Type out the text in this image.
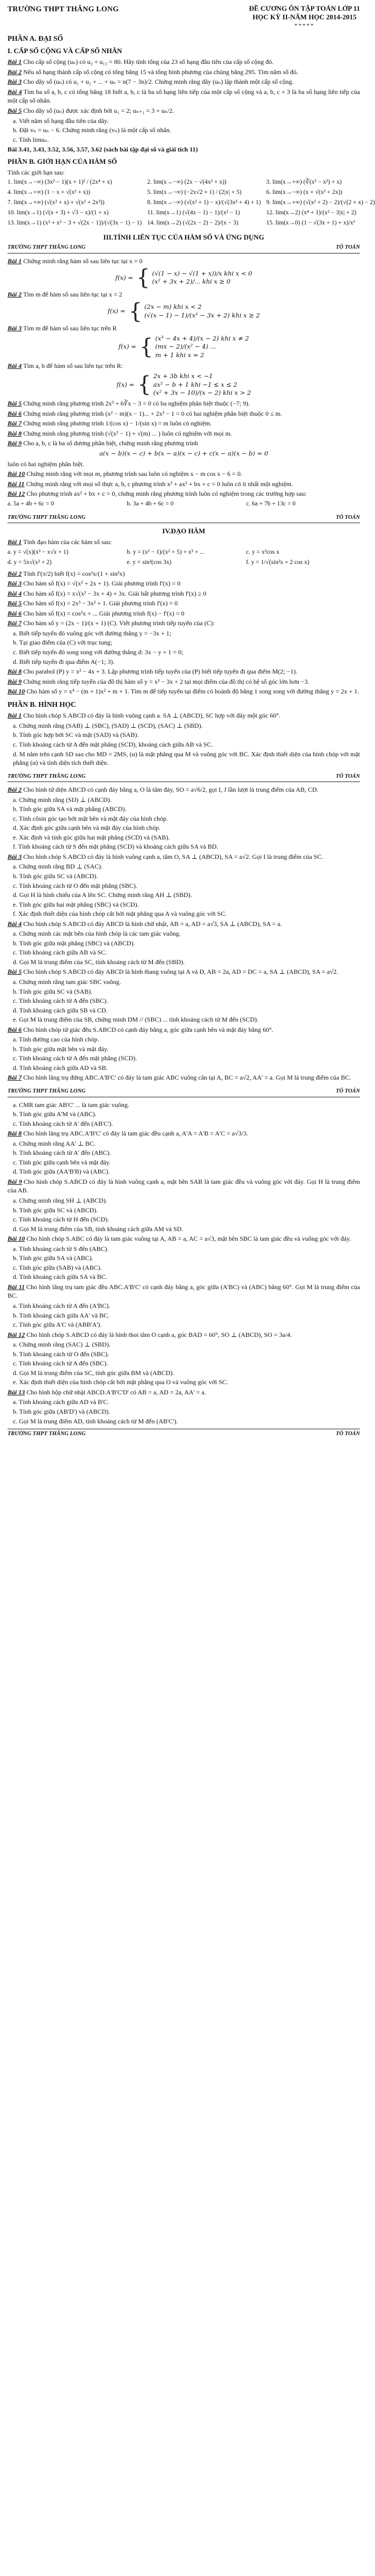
TRƯỜNG THPT THĂNG LONG	ĐỀ CƯƠNG ÔN TẬP TOÁN LỚP 11
HỌC KỲ II-NĂM HỌC 2014-2015
*****
PHẦN A. ĐẠI SỐ
I. CẤP SỐ CỘNG VÀ CẤP SỐ NHÂN

Bài 1 Cho cấp số cộng (uₙ) có u₃ + u₁₃ = 80. Hãy tính tổng của 23 số hạng đầu tiên của cấp số cộng đó.

Bài 2 Nếu số hạng thành cấp số cộng có tổng bằng 15 và tổng bình phương của chúng bằng 295. Tìm năm số đó.

Bài 3 Cho dãy số (uₙ) có u₁ + u₂ + ... + uₙ = n(7 − 3n)/2. Chứng minh rằng dãy (uₙ) lập thành một cấp số cộng.

Bài 4 Tìm ba số a, b, c có tổng bằng 18 biết a, b, c là ba số hạng liên tiếp của một cấp số cộng và a, b, c + 3 là ba số hạng liên tiếp của một cấp số nhân.

Bài 5 Cho dãy số (uₙ) được xác định bởi u₁ = 2; uₙ₊₁ = 3 + uₙ/2.

a. Viết năm số hạng đầu tiên của dãy.

b. Đặt vₙ = uₙ − 6. Chứng minh rằng (vₙ) là một cấp số nhân.

c. Tính limuₙ.

Bài 3.41, 3.43, 3.52, 3.56, 3.57, 3.62 (sách bài tập đại số và giải tích 11)

PHẦN B. GIỚI HẠN CỦA HÀM SỐ

Tính các giới hạn sau:

1. lim(x→−∞) (3x² − 1)(x + 1)² / (2x⁴ + x)	2. lim(x→−∞) (2x − √(4x² + x))	3. lim(x→+∞) (∛(x³ − x²) + x)
4. lim(x→+∞) (1 − x + √(x² + x))	5. lim(x→−∞) (−2x√2 + 1) / (2|x| + 5)	6. lim(x→−∞) (x + √(x² + 2x))
7. lim(x→+∞) (√(x² + x) + √(x² + 2x³))	8. lim(x→−∞) (√(x² + 1) − x)/(√(3x² + 4) + 1) 9. lim(x→+∞) (√(x² + 2) − 2)/(√(2 + x) − 2)
10. lim(x→1) (√(x + 3) + √3 − x)/(1 + x)	11. lim(x→1) (√(4x − 1) − 1)/(x² − 1)	12. lim(x→2) (x⁴ + 1)/(x² − 3|x| + 2)
13. lim(x→1) (x³ + x² − 3 + √(2x − 1))/(√(3x − 1) − 1) 14. lim(x→2) (√(2x − 2) − 2)/(x − 3)	15. lim(x→0) (1 − √(3x + 1) + x)/x³
III.TÍNH LIÊN TỤC CỦA HÀM SỐ VÀ ỨNG DỤNG
TRƯỜNG THPT THĂNG LONG	TỔ TOÁN

Bài 1 Chứng minh rằng hàm số sau liên tục tại x = 0

f(x) = { (√(1 − x) − √(1 + x))/x khi x < 0
(x² + 3x + 2)/... khi x ≥ 0

Bài 2 Tìm m để hàm số sau liên tục tại x = 2

f(x) = { (2x − m) khi x < 2
(√(x − 1) − 1)/(x² − 3x + 2) khi x ≥ 2

Bài 3 Tìm m để hàm số sau liên tục trên R

f(x) = { (x³ − 4x + 4)/(x − 2) khi x ≠ 2
(mx − 2)/(x² − 4) ...
m + 1 khi x = 2

Bài 4 Tìm a, b để hàm số sau liên tục trên R:

f(x) = { 2x + 3b khi x < −1
ax² − b + 1 khi −1 ≤ x ≤ 2
(x² + 3x − 10)/(x − 2) khi x > 2

Bài 5 Chứng minh rằng phương trình 2x³ + 6∛x − 3 = 0 có ba nghiệm phân biệt thuộc (−7; 9).

Bài 6 Chứng minh rằng phương trình (x² − m)(x − 1)... + 2x³ − 1 = 0 có hai nghiệm phân biệt thuộc 0 ≤ m.

Bài 7 Chứng minh rằng phương trình 1/(cos x) − 1/(sin x) = m luôn có nghiệm.

Bài 8 Chứng minh rằng phương trình (√(x² − 1) + √(m) ... ) luôn có nghiệm với mọi m.

Bài 9 Cho a, b, c là ba số dương phân biệt, chứng minh rằng phương trình

a(x − b)(x − c) + b(x − a)(x − c) + c(x − a)(x − b) = 0

luôn có hai nghiệm phân biệt.

Bài 10 Chứng minh rằng với mọi m, phương trình sau luôn có nghiệm x − m cos x − 6 = 0.

Bài 11 Chứng minh rằng với mọi số thực a, b, c phương trình x³ + ax² + bx + c = 0 luôn có ít nhất một nghiệm.

Bài 12 Cho phương trình ax² + bx + c = 0, chứng minh rằng phương trình luôn có nghiệm trong các trường hợp sau:

a. 5a + 4b + 6c = 0	b. 3a + 4b + 6c = 0	c. 6a + 7b + 13c = 0
TRƯỜNG THPT THĂNG LONG	TỔ TOÁN
IV.ĐẠO HÀM

Bài 1 Tính đạo hàm của các hàm số sau:

a. y = √(x)(x³ − x√x + 1)	b. y = (x² − 1)/(x² + 5) + x³ + ...	c. y = x²cos x
d. y = 5x√(x² + 2)	e. y = sin²(cos 3x)	f. y = 1/√(sin²x + 2 cos x)

Bài 2 Tính f'(π/2) biết f(x) = cos²x/(1 + sin²x)

Bài 3 Cho hàm số f(x) = √(x² + 2x + 1). Giải phương trình f'(x) = 0

Bài 4 Cho hàm số f(x) = x√(x² − 3x + 4) + 3x. Giải bất phương trình f'(x) ≥ 0

Bài 5 Cho hàm số f(x) = 2x³ − 3x² + 1. Giải phương trình f'(x) = 0

Bài 6 Cho hàm số f(x) = cos²x + ... Giải phương trình f(x) − f'(x) = 0

Bài 7 Cho hàm số y = (2x − 1)/(x + 1) (C). Viết phương trình tiếp tuyến của (C):

a. Biết tiếp tuyến đó vuông góc với đường thẳng y = −3x + 1;

b. Tại giao điểm của (C) với trục tung;

c. Biết tiếp tuyến đó song song với đường thẳng d: 3x − y + 1 = 0;

d. Biết tiếp tuyến đi qua điểm A(−1; 3).

Bài 8 Cho parabol (P) y = x² − 4x + 3. Lập phương trình tiếp tuyến của (P) biết tiếp tuyến đi qua điểm M(2; −1).

Bài 9 Chứng minh rằng tiếp tuyến của đồ thị hàm số y = x³ − 3x + 2 tại mọi điểm của đồ thị có hệ số góc lớn hơn −3.

Bài 10 Cho hàm số y = x⁴ − (m + 1)x² + m + 1. Tìm m để tiếp tuyến tại điểm có hoành độ bằng 1 song song với đường thẳng y = 2x + 1.

PHẦN B. HÌNH HỌC

Bài 1 Cho hình chóp S.ABCD có đáy là hình vuông cạnh a. SA ⊥ (ABCD), SC hợp với đáy một góc 60°.

a. Chứng minh rằng (SAB) ⊥ (SBC), (SAD) ⊥ (SCD), (SAC) ⊥ (SBD).

b. Tính góc hợp bởi SC và mặt (SAD) và (SAB).

c. Tính khoảng cách từ A đến mặt phẳng (SCD), khoảng cách giữa AB và SC.

d. M nằm trên cạnh SD sao cho MD = 2MS, (α) là mặt phẳng qua M và vuông góc với BC. Xác định thiết diện của hình chóp với mặt phẳng (α) và tính diện tích thiết diện.

TRƯỜNG THPT THĂNG LONG	TỔ TOÁN

Bài 2 Cho hình tứ diện ABCD có cạnh đáy bằng a, O là tâm đáy, SO = a√6/2, gọi I, J lần lượt là trung điểm của AB, CD.

a. Chứng minh rằng (SIJ) ⊥ (ABCD).

b. Tính góc giữa SA và mặt phẳng (ABCD).

c. Tính côsin góc tạo bởi mặt bên và mặt đáy của hình chóp.

d. Xác định góc giữa cạnh bên và mặt đáy của hình chóp.

e. Xác định và tính góc giữa hai mặt phẳng (SCD) và (SAB).

f. Tính khoảng cách từ S đến mặt phẳng (SCD) và khoảng cách giữa SA và BD.

Bài 3 Cho hình chóp S.ABCD có đáy là hình vuông cạnh a, tâm O, SA ⊥ (ABCD), SA = a√2. Gọi I là trung điểm của SC.

a. Chứng minh rằng BD ⊥ (SAC).

b. Tính góc giữa SC và (ABCD).

c. Tính khoảng cách từ O đến mặt phẳng (SBC).

d. Gọi H là hình chiếu của A lên SC. Chứng minh rằng AH ⊥ (SBD).

e. Tính góc giữa hai mặt phẳng (SBC) và (SCD).

f. Xác định thiết diện của hình chóp cắt bởi mặt phẳng qua A và vuông góc với SC.

Bài 4 Cho hình chóp S.ABCD có đáy ABCD là hình chữ nhật, AB = a, AD = a√3, SA ⊥ (ABCD), SA = a.

a. Chứng minh các mặt bên của hình chóp là các tam giác vuông.

b. Tính góc giữa mặt phẳng (SBC) và (ABCD).

c. Tính khoảng cách giữa AB và SC.

d. Gọi M là trung điểm của SC, tính khoảng cách từ M đến (SBD).

Bài 5 Cho hình chóp S.ABCD có đáy ABCD là hình thang vuông tại A và D, AB = 2a, AD = DC = a, SA ⊥ (ABCD), SA = a√2.

a. Chứng minh rằng tam giác SBC vuông.

b. Tính góc giữa SC và (SAB).

c. Tính khoảng cách từ A đến (SBC).

d. Tính khoảng cách giữa SB và CD.

e. Gọi M là trung điểm của SB, chứng minh DM // (SBC) ... tính khoảng cách từ M đến (SCD).

Bài 6 Cho hình chóp tứ giác đều S.ABCD có cạnh đáy bằng a, góc giữa cạnh bên và mặt đáy bằng 60°.

a. Tính đường cao của hình chóp.

b. Tính góc giữa mặt bên và mặt đáy.

c. Tính khoảng cách từ A đến mặt phẳng (SCD).

d. Tính khoảng cách giữa AD và SB.

Bài 7 Cho hình lăng trụ đứng ABC.A'B'C' có đáy là tam giác ABC vuông cân tại A, BC = a√2, AA' = a. Gọi M là trung điểm của BC.

TRƯỜNG THPT THĂNG LONG	TỔ TOÁN

a. CMR tam giác AB'C' ... là tam giác vuông.

b. Tính góc giữa A'M và (ABC).

c. Tính khoảng cách từ A' đến (AB'C').

Bài 8 Cho hình lăng trụ ABC.A'B'C' có đáy là tam giác đều cạnh a, A'A = A'B = A'C = a√3/3.

a. Chứng minh rằng AA' ⊥ BC.

b. Tính khoảng cách từ A' đến (ABC).

c. Tính góc giữa cạnh bên và mặt đáy.

d. Tính góc giữa (AA'B'B) và (ABC).

Bài 9 Cho hình chóp S.ABCD có đáy là hình vuông cạnh a, mặt bên SAB là tam giác đều và vuông góc với đáy. Gọi H là trung điểm của AB.

a. Chứng minh rằng SH ⊥ (ABCD).

b. Tính góc giữa SC và (ABCD).

c. Tính khoảng cách từ H đến (SCD).

d. Gọi M là trung điểm của SB, tính khoảng cách giữa AM và SD.

Bài 10 Cho hình chóp S.ABC có đáy là tam giác vuông tại A, AB = a, AC = a√3, mặt bên SBC là tam giác đều và vuông góc với đáy.

a. Tính khoảng cách từ S đến (ABC).

b. Tính góc giữa SA và (ABC).

c. Tính góc giữa (SAB) và (ABC).

d. Tính khoảng cách giữa SA và BC.

Bài 11 Cho hình lăng trụ tam giác đều ABC.A'B'C' có cạnh đáy bằng a, góc giữa (A'BC) và (ABC) bằng 60°. Gọi M là trung điểm của BC.

a. Tính khoảng cách từ A đến (A'BC).

b. Tính khoảng cách giữa AA' và BC.

c. Tính góc giữa A'C và (ABB'A').

Bài 12 Cho hình chóp S.ABCD có đáy là hình thoi tâm O cạnh a, góc BAD = 60°, SO ⊥ (ABCD), SO = 3a/4.

a. Chứng minh rằng (SAC) ⊥ (SBD).

b. Tính khoảng cách từ O đến (SBC).

c. Tính khoảng cách từ A đến (SBC).

d. Gọi M là trung điểm của SC, tính góc giữa BM và (ABCD).

e. Xác định thiết diện của hình chóp cắt bởi mặt phẳng qua O và vuông góc với SC.

Bài 13 Cho hình hộp chữ nhật ABCD.A'B'C'D' có AB = a, AD = 2a, AA' = a.

a. Tính khoảng cách giữa AD và B'C.

b. Tính góc giữa (AB'D') và (ABCD).

c. Gọi M là trung điểm AD, tính khoảng cách từ M đến (AB'C').

TRƯỜNG THPT THĂNG LONG	TỔ TOÁN
